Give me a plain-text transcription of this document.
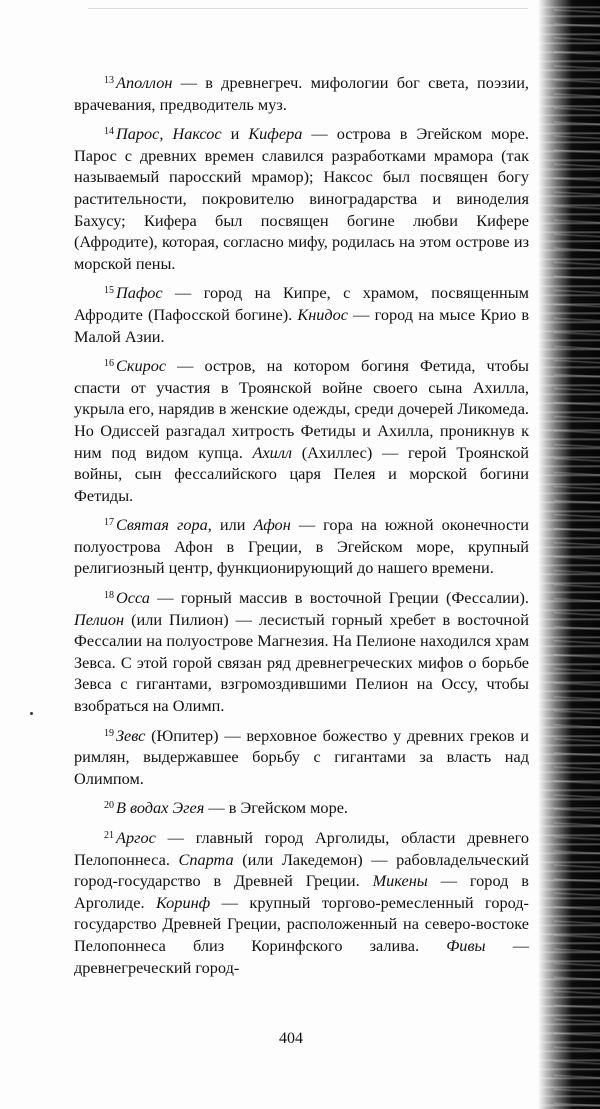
$^{13}$ Аполлон — в древнегреч. мифологии бог света, поэзии, врачевания, предводитель муз.

$^{14}$ Парос, Наксос и Кифера — острова в Эгейском море. Парос с древних времен славился разработками мрамора (так называемый паросский мрамор); Наксос был посвящен богу растительности, покровителю виноградарства и виноделия Бахусу; Кифера был посвящен богине любви Кифере (Афродите), которая, согласно мифу, родилась на этом острове из морской пены.

$^{15}$ Пафос — город на Кипре, с храмом, посвященным Афродите (Пафосской богине). Книдос — город на мысе Крио в Малой Азии.

$^{16}$ Скирос — остров, на котором богиня Фетида, чтобы спасти от участия в Троянской войне своего сына Ахилла, укрыла его, нарядив в женские одежды, среди дочерей Ликомеда. Но Одиссей разгадал хитрость Фетиды и Ахилла, проникнув к ним под видом купца. Ахилл (Ахиллес) — герой Троянской войны, сын фессалийского царя Пелея и морской богини Фетиды.

$^{17}$ Святая гора, или Афон — гора на южной оконечности полуострова Афон в Греции, в Эгейском море, крупный религиозный центр, функционирующий до нашего времени.

$^{18}$ Осса — горный массив в восточной Греции (Фессалии). Пелион (или Пилион) — лесистый горный хребет в восточной Фессалии на полуострове Магнезия. На Пелионе находился храм Зевса. С этой горой связан ряд древнегреческих мифов о борьбе Зевса с гигантами, взгромоздившими Пелион на Оссу, чтобы взобраться на Олимп.

$^{19}$ Зевс (Юпитер) — верховное божество у древних греков и римлян, выдержавшее борьбу с гигантами за власть над Олимпом.

$^{20}$ В водах Эгея — в Эгейском море.

$^{21}$ Аргос — главный город Арголиды, области древнего Пелопоннеса. Спарта (или Лакедемон) — рабовладельческий город-государство в Древней Греции. Микены — город в Арголиде. Коринф — крупный торгово-ремесленный город-государство Древней Греции, расположенный на северо-востоке Пелопоннеса близ Коринфского залива. Фивы — древнегреческий город-

404
